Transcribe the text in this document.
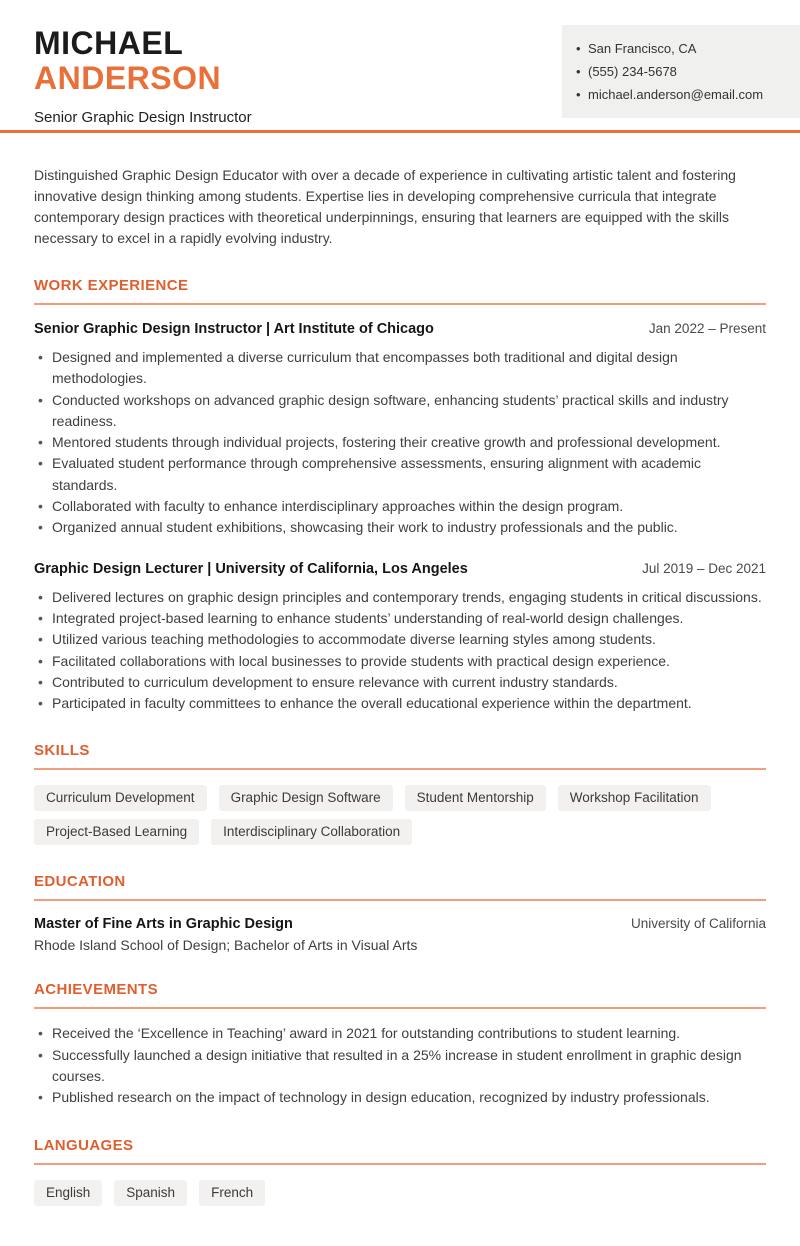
MICHAEL
ANDERSON
Senior Graphic Design Instructor
• San Francisco, CA
• (555) 234-5678
• michael.anderson@email.com

Distinguished Graphic Design Educator with over a decade of experience in cultivating artistic talent and fostering innovative design thinking among students. Expertise lies in developing comprehensive curricula that integrate contemporary design practices with theoretical underpinnings, ensuring that learners are equipped with the skills necessary to excel in a rapidly evolving industry.

WORK EXPERIENCE
Senior Graphic Design Instructor | Art Institute of Chicago	Jan 2022 – Present
• Designed and implemented a diverse curriculum that encompasses both traditional and digital design methodologies.
• Conducted workshops on advanced graphic design software, enhancing students’ practical skills and industry readiness.
• Mentored students through individual projects, fostering their creative growth and professional development.
• Evaluated student performance through comprehensive assessments, ensuring alignment with academic standards.
• Collaborated with faculty to enhance interdisciplinary approaches within the design program.
• Organized annual student exhibitions, showcasing their work to industry professionals and the public.
Graphic Design Lecturer | University of California, Los Angeles	Jul 2019 – Dec 2021
• Delivered lectures on graphic design principles and contemporary trends, engaging students in critical discussions.
• Integrated project-based learning to enhance students’ understanding of real-world design challenges.
• Utilized various teaching methodologies to accommodate diverse learning styles among students.
• Facilitated collaborations with local businesses to provide students with practical design experience.
• Contributed to curriculum development to ensure relevance with current industry standards.
• Participated in faculty committees to enhance the overall educational experience within the department.
SKILLS
Curriculum Development	Graphic Design Software	Student Mentorship	Workshop Facilitation
Project-Based Learning	Interdisciplinary Collaboration
EDUCATION
Master of Fine Arts in Graphic Design	University of California
Rhode Island School of Design; Bachelor of Arts in Visual Arts
ACHIEVEMENTS
• Received the ‘Excellence in Teaching’ award in 2021 for outstanding contributions to student learning.
• Successfully launched a design initiative that resulted in a 25% increase in student enrollment in graphic design courses.
• Published research on the impact of technology in design education, recognized by industry professionals.
LANGUAGES
English	Spanish	French
